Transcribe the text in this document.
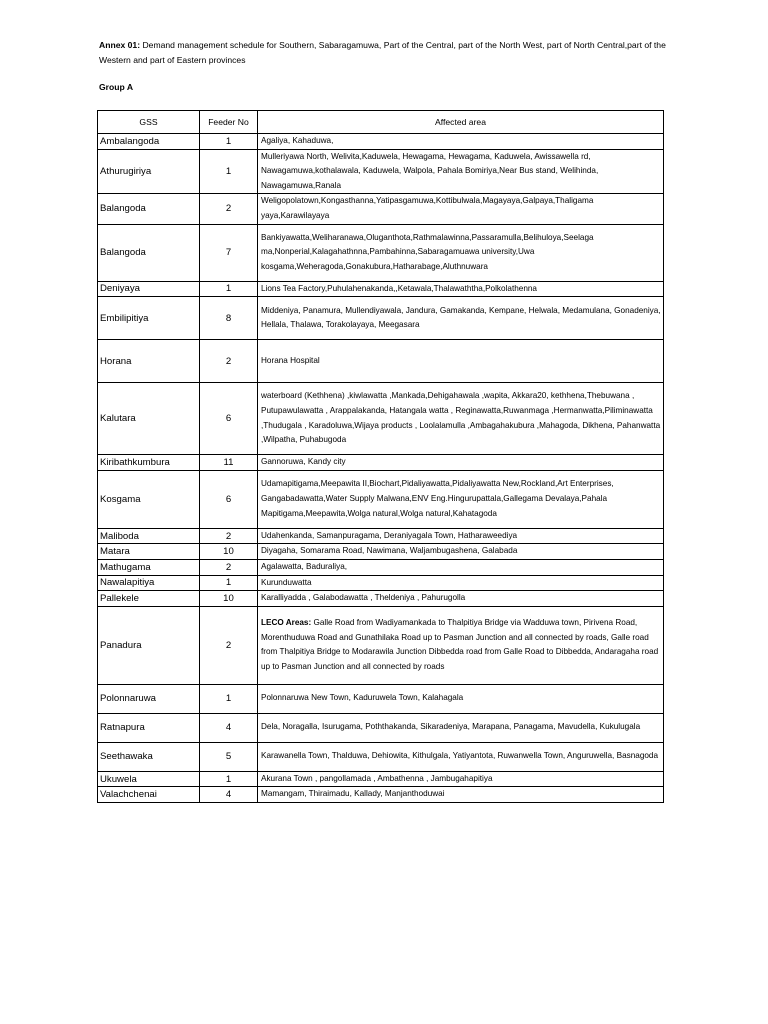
Annex 01: Demand management schedule for Southern, Sabaragamuwa, Part of the Central, part of the North West, part of North Central,part of the Western and part of Eastern provinces
Group A
GSS	Feeder No	Affected area
Ambalangoda	1	Agaliya, Kahaduwa,
Athurugiriya	1	Mulleriyawa North, Welivita,Kaduwela, Hewagama, Hewagama, Kaduwela, Awissawella rd, Nawagamuwa,kothalawala, Kaduwela, Walpola, Pahala Bomiriya,Near Bus stand, Welihinda, Nawagamuwa,Ranala
Balangoda	2	Weligopolatown,Kongasthanna,Yatipasgamuwa,Kottibulwala,Magayaya,Galpaya,Thaligama yaya,Karawilayaya
Balangoda	7	Bankiyawatta,Weliharanawa,Oluganthota,Rathmalawinna,Passaramulla,Belihuloya,Seelaga ma,Nonperial,Kalagahathnna,Pambahinna,Sabaragamuawa university,Uwa kosgama,Weheragoda,Gonakubura,Hatharabage,Aluthnuwara
Deniyaya	1	Lions Tea Factory,Puhulahenakanda,,Ketawala,Thalawaththa,Polkolathenna
Embilipitiya	8	Middeniya, Panamura, Mullendiyawala, Jandura, Gamakanda, Kempane, Helwala, Medamulana, Gonadeniya, Hellala, Thalawa, Torakolayaya, Meegasara
Horana	2	Horana Hospital
Kalutara	6	waterboard (Kethhena) ,kiwlawatta ,Mankada,Dehigahawala ,wapita, Akkara20, kethhena,Thebuwana , Putupawulawatta , Arappalakanda, Hatangala watta , Reginawatta,Ruwanmaga ,Hermanwatta,Piliminawatta ,Thudugala , Karadoluwa,Wijaya products , Loolalamulla ,Ambagahakubura ,Mahagoda, Dikhena, Pahanwatta ,Wilpatha, Puhabugoda
Kiribathkumbura	11	Gannoruwa, Kandy city
Kosgama	6	Udamapitigama,Meepawita II,Biochart,Pidaliyawatta,Pidaliyawatta New,Rockland,Art Enterprises, Gangabadawatta,Water Supply Malwana,ENV Eng.Hingurupattala,Gallegama Devalaya,Pahala Mapitigama,Meepawita,Wolga natural,Wolga natural,Kahatagoda
Maliboda	2	Udahenkanda, Samanpuragama, Deraniyagala Town, Hatharaweediya
Matara	10	Diyagaha, Somarama Road, Nawimana, Waljambugashena, Galabada
Mathugama	2	Agalawatta, Baduraliya,
Nawalapitiya	1	Kurunduwatta
Pallekele	10	Karalliyadda , Galabodawatta , Theldeniya , Pahurugolla
Panadura	2	LECO Areas: Galle Road from Wadiyamankada to Thalpitiya Bridge via Wadduwa town, Pirivena Road, Morenthuduwa Road and Gunathilaka Road up to Pasman Junction and all connected by roads, Galle road from Thalpitiya Bridge to Modarawila Junction Dibbedda road from Galle Road to Dibbedda, Andaragaha road up to Pasman Junction and all connected by roads
Polonnaruwa	1	Polonnaruwa New Town, Kaduruwela Town, Kalahagala
Ratnapura	4	Dela, Noragalla, Isurugama, Poththakanda, Sikaradeniya, Marapana, Panagama, Mavudella, Kukulugala
Seethawaka	5	Karawanella Town, Thalduwa, Dehiowita, Kithulgala, Yatiyantota, Ruwanwella Town, Anguruwella, Basnagoda
Ukuwela	1	Akurana Town , pangollamada , Ambathenna , Jambugahapitiya
Valachchenai	4	Mamangam, Thiraimadu, Kallady, Manjanthoduwai
